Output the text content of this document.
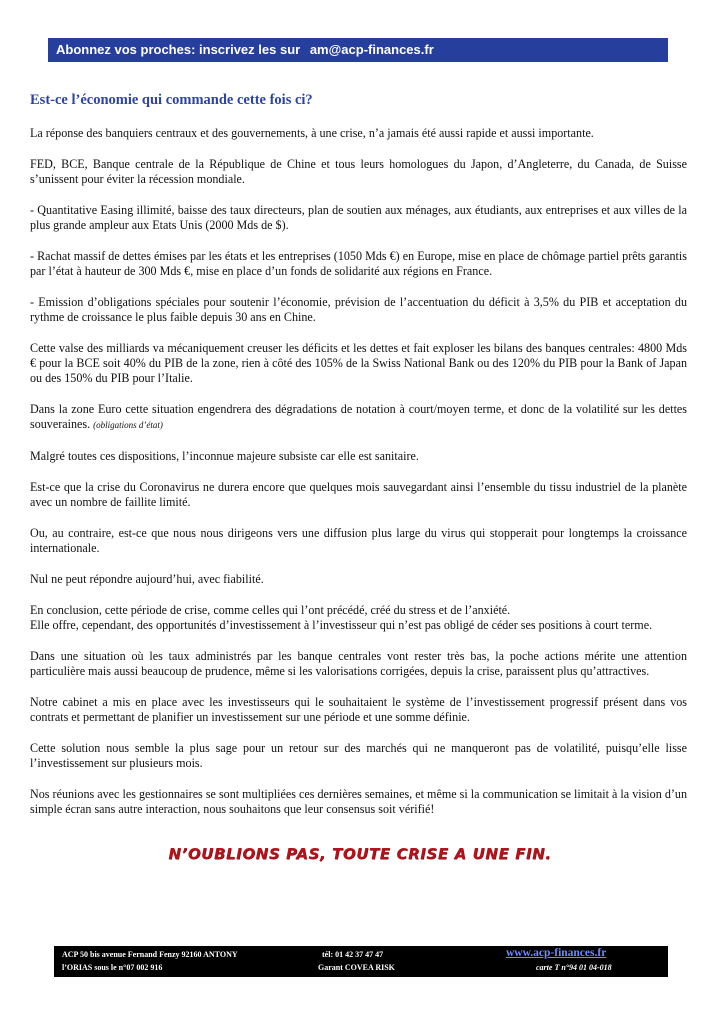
Abonnez vos proches: inscrivez les sur am@acp-finances.fr
Est-ce l’économie qui commande cette fois ci?

La réponse des banquiers centraux et des gouvernements, à une crise, n’a jamais été aussi rapide et aussi importante.

FED, BCE, Banque centrale de la République de Chine et tous leurs homologues du Japon, d’Angleterre, du Canada, de Suisse s’unissent pour éviter la récession mondiale.

- Quantitative Easing illimité, baisse des taux directeurs, plan de soutien aux ménages, aux étudiants, aux entreprises et aux villes de la plus grande ampleur aux Etats Unis (2000 Mds de $).

- Rachat massif de dettes émises par les états et les entreprises (1050 Mds €) en Europe, mise en place de chômage partiel prêts garantis par l’état à hauteur de 300 Mds €, mise en place d’un fonds de solidarité aux régions en France.

- Emission d’obligations spéciales pour soutenir l’économie, prévision de l’accentuation du déficit à 3,5% du PIB et acceptation du rythme de croissance le plus faible depuis 30 ans en Chine.

Cette valse des milliards va mécaniquement creuser les déficits et les dettes et fait exploser les bilans des banques centrales: 4800 Mds € pour la BCE soit 40% du PIB de la zone, rien à côté des 105% de la Swiss National Bank ou des 120% du PIB pour la Bank of Japan ou des 150% du PIB pour l’Italie.

Dans la zone Euro cette situation engendrera des dégradations de notation à court/moyen terme, et donc de la volatilité sur les dettes souveraines. (obligations d’état)

Malgré toutes ces dispositions, l’inconnue majeure subsiste car elle est sanitaire.

Est-ce que la crise du Coronavirus ne durera encore que quelques mois sauvegardant ainsi l’ensemble du tissu industriel de la planète avec un nombre de faillite limité.

Ou, au contraire, est-ce que nous nous dirigeons vers une diffusion plus large du virus qui stopperait pour longtemps la croissance internationale.

Nul ne peut répondre aujourd’hui, avec fiabilité.

En conclusion, cette période de crise, comme celles qui l’ont précédé, créé du stress et de l’anxiété.
Elle offre, cependant, des opportunités d’investissement à l’investisseur qui n’est pas obligé de céder ses positions à court terme.

Dans une situation où les taux administrés par les banque centrales vont rester très bas, la poche actions mérite une attention particulière mais aussi beaucoup de prudence, même si les valorisations corrigées, depuis la crise, paraissent plus qu’attractives.

Notre cabinet a mis en place avec les investisseurs qui le souhaitaient le système de l’investissement progressif présent dans vos contrats et permettant de planifier un investissement sur une période et une somme définie.

Cette solution nous semble la plus sage pour un retour sur des marchés qui ne manqueront pas de volatilité, puisqu’elle lisse l’investissement sur plusieurs mois.

Nos réunions avec les gestionnaires se sont multipliées ces dernières semaines, et même si la communication se limitait à la vision d’un simple écran sans autre interaction, nous souhaitons que leur consensus soit vérifié!

N’OUBLIONS PAS, TOUTE CRISE A UNE FIN.
ACP 50 bis avenue Fernand Fenzy 92160 ANTONY
l’ORIAS sous le n°07 002 916
tél: 01 42 37 47 47
Garant COVEA RISK
www.acp-finances.fr
carte T n°94 01 04-018
